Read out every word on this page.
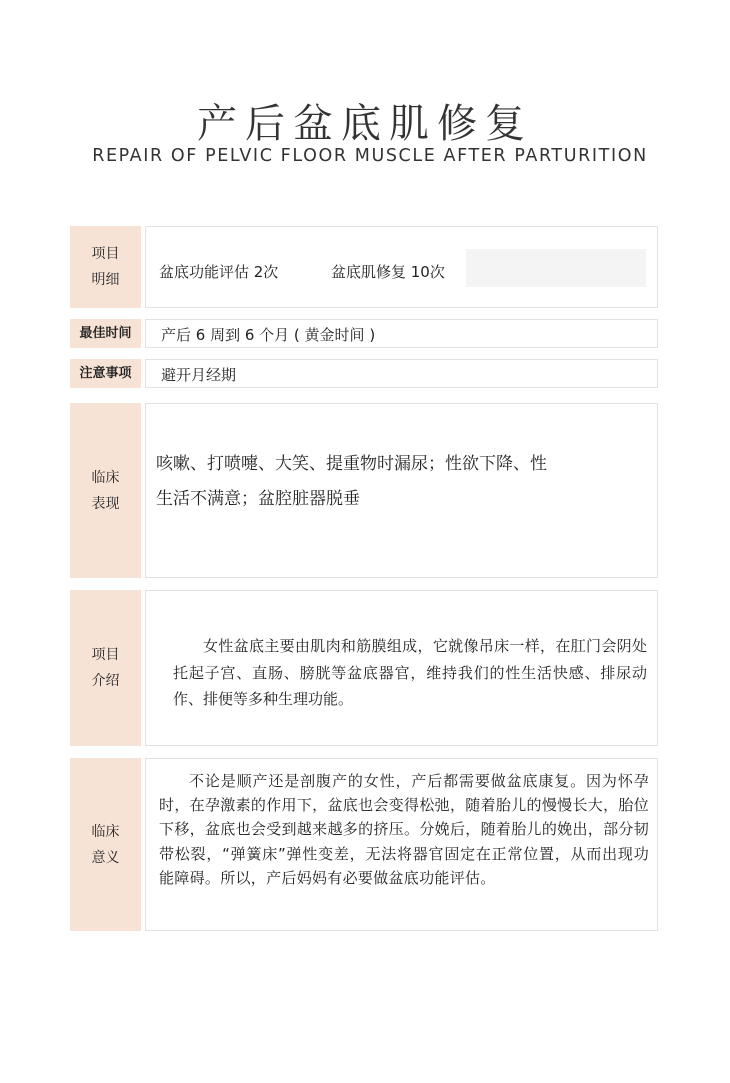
产后盆底肌修复
REPAIR OF PELVIC FLOOR MUSCLE AFTER PARTURITION
项目
明细	盆底功能评估 2次	盆底肌修复 10次
最佳时间 产后 6 周到 6 个月 ( 黄金时间 )
注意事项 避开月经期
临床
表现
咳嗽、打喷嚏、大笑、提重物时漏尿；性欲下降、性
生活不满意；盆腔脏器脱垂
项目
介绍
女性盆底主要由肌肉和筋膜组成，它就像吊床一样，在肛门会阴处托起子宫、直肠、膀胱等盆底器官，维持我们的性生活快感、排尿动作、排便等多种生理功能。
临床
意义
不论是顺产还是剖腹产的女性，产后都需要做盆底康复。因为怀孕时，在孕激素的作用下，盆底也会变得松弛，随着胎儿的慢慢长大，胎位下移，盆底也会受到越来越多的挤压。分娩后，随着胎儿的娩出，部分韧带松裂，“弹簧床”弹性变差，无法将器官固定在正常位置，从而出现功能障碍。所以，产后妈妈有必要做盆底功能评估。
